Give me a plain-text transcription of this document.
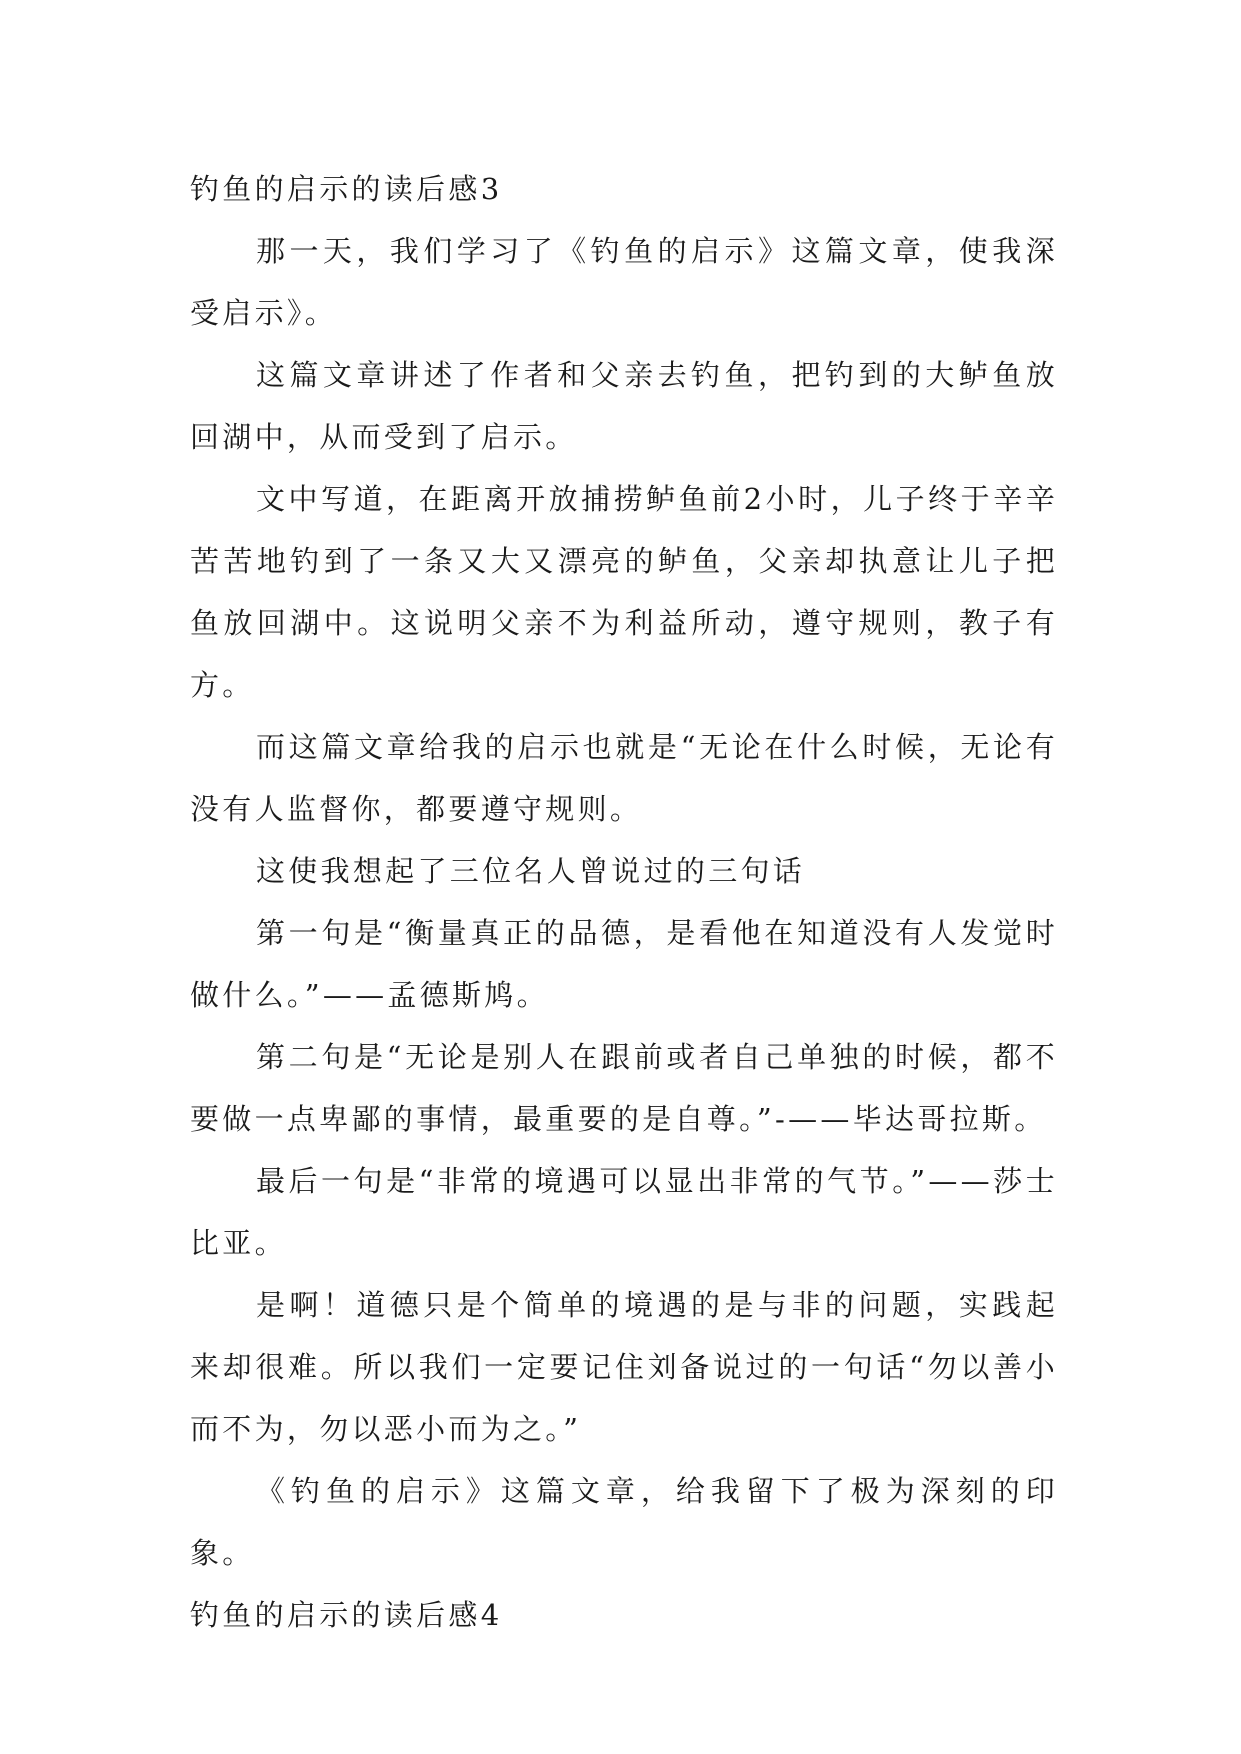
钓鱼的启示的读后感3

那一天，我们学习了《钓鱼的启示》这篇文章，使我深受启示》。

这篇文章讲述了作者和父亲去钓鱼，把钓到的大鲈鱼放回湖中，从而受到了启示。

文中写道，在距离开放捕捞鲈鱼前2小时，儿子终于辛辛苦苦地钓到了一条又大又漂亮的鲈鱼，父亲却执意让儿子把鱼放回湖中。这说明父亲不为利益所动，遵守规则，教子有方。

而这篇文章给我的启示也就是“无论在什么时候，无论有没有人监督你，都要遵守规则。

这使我想起了三位名人曾说过的三句话

第一句是“衡量真正的品德，是看他在知道没有人发觉时做什么。”——孟德斯鸠。

第二句是“无论是别人在跟前或者自己单独的时候，都不要做一点卑鄙的事情，最重要的是自尊。”-——毕达哥拉斯。

最后一句是“非常的境遇可以显出非常的气节。”——莎士比亚。

是啊！道德只是个简单的境遇的是与非的问题，实践起来却很难。所以我们一定要记住刘备说过的一句话“勿以善小而不为，勿以恶小而为之。”

《钓鱼的启示》这篇文章，给我留下了极为深刻的印象。

钓鱼的启示的读后感4
